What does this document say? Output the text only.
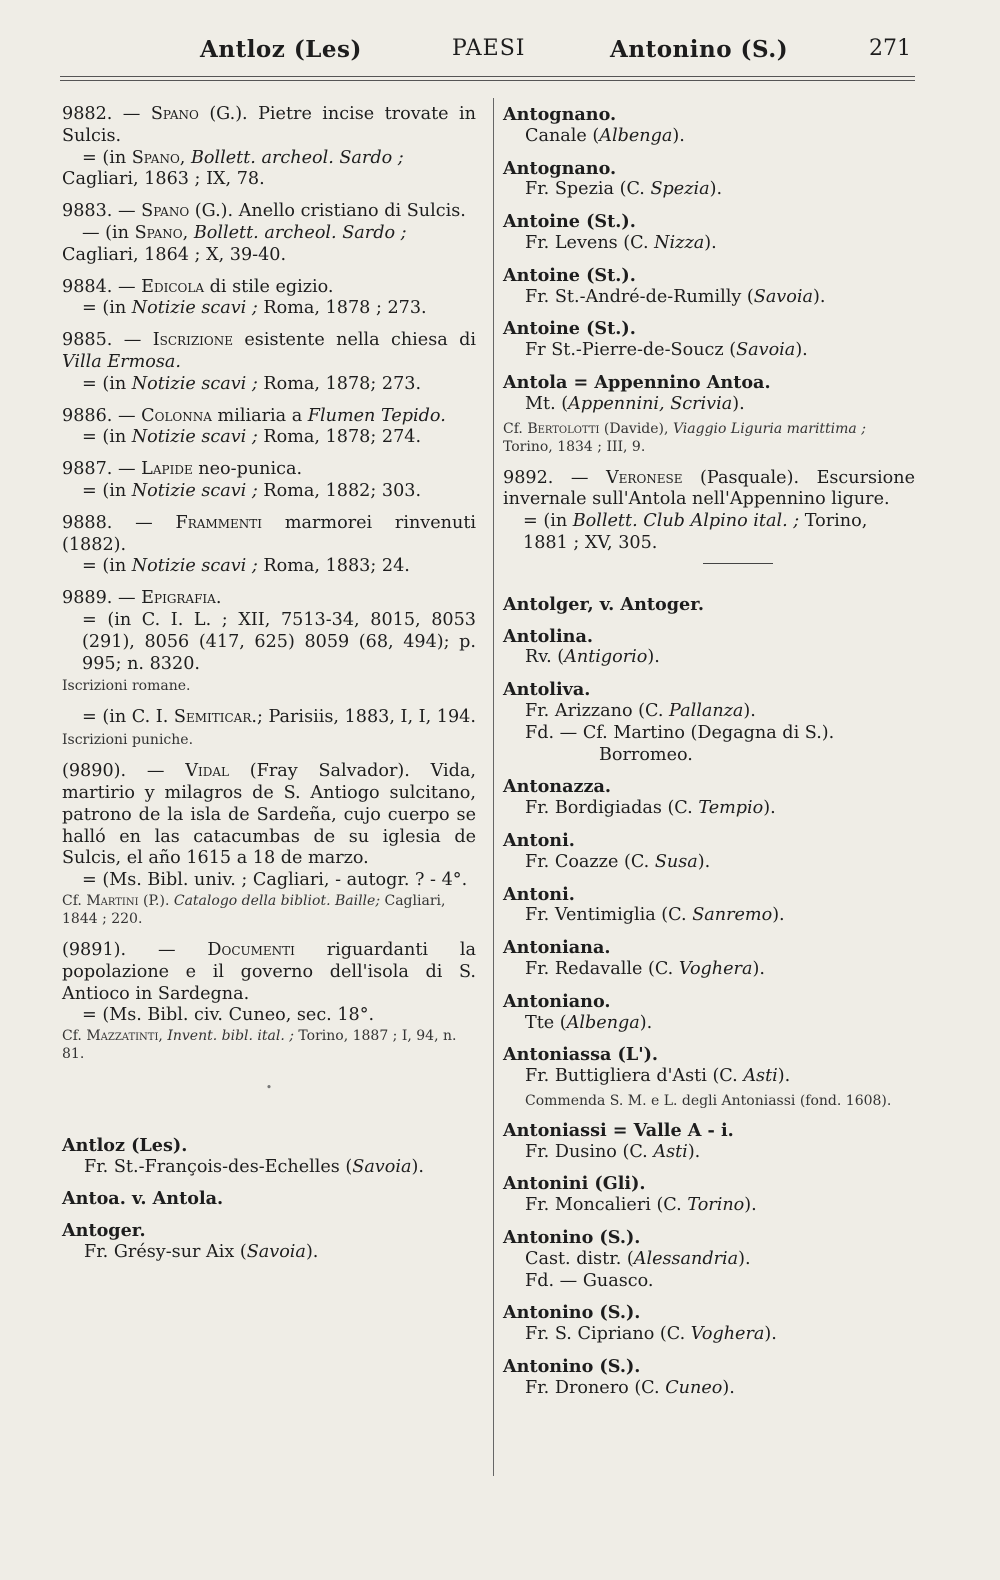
Antloz (Les)	PAESI	Antonino (S.)	271
9882. — Spano (G.). Pietre incise trovate in Sulcis.
= (in Spano, Bollett. archeol. Sardo ;
Cagliari, 1863 ; IX, 78.
9883. — Spano (G.). Anello cristiano di Sulcis.
— (in Spano, Bollett. archeol. Sardo ;
Cagliari, 1864 ; X, 39-40.
9884. — Edicola di stile egizio.
= (in Notizie scavi ; Roma, 1878 ; 273.
9885. — Iscrizione esistente nella chiesa di Villa Ermosa.
= (in Notizie scavi ; Roma, 1878; 273.
9886. — Colonna miliaria a Flumen Tepido.
= (in Notizie scavi ; Roma, 1878; 274.
9887. — Lapide neo-punica.
= (in Notizie scavi ; Roma, 1882; 303.
9888. — Frammenti marmorei rinvenuti (1882).
= (in Notizie scavi ; Roma, 1883; 24.
9889. — Epigrafia.
= (in C. I. L. ; XII, 7513-34, 8015, 8053 (291), 8056 (417, 625) 8059 (68, 494); p. 995; n. 8320.
Iscrizioni romane.
= (in C. I. Semiticar.; Parisiis, 1883, I, I, 194.
Iscrizioni puniche.
(9890). — Vidal (Fray Salvador). Vida, martirio y milagros de S. Antiogo sulcitano, patrono de la isla de Sardeña, cujo cuerpo se halló en las catacumbas de su iglesia de Sulcis, el año 1615 a 18 de marzo.
= (Ms. Bibl. univ. ; Cagliari, - autogr. ? - 4°.
Cf. Martini (P.). Catalogo della bibliot. Baille; Cagliari, 1844 ; 220.
(9891). — Documenti riguardanti la popolazione e il governo dell'isola di S. Antioco in Sardegna.
= (Ms. Bibl. civ. Cuneo, sec. 18°.
Cf. Mazzatinti, Invent. bibl. ital. ; Torino, 1887 ; I, 94, n. 81.
•
Antloz (Les).
Fr. St.-François-des-Echelles (Savoia).
Antoa. v. Antola.
Antoger.
Fr. Grésy-sur Aix (Savoia).
Antognano.
Canale (Albenga).
Antognano.
Fr. Spezia (C. Spezia).
Antoine (St.).
Fr. Levens (C. Nizza).
Antoine (St.).
Fr. St.-André-de-Rumilly (Savoia).
Antoine (St.).
Fr St.-Pierre-de-Soucz (Savoia).
Antola = Appennino Antoa.
Mt. (Appennini, Scrivia).
Cf. Bertolotti (Davide), Viaggio Liguria marittima ; Torino, 1834 ; III, 9.
9892. — Veronese (Pasquale). Escursione invernale sull'Antola nell'Appennino ligure.
= (in Bollett. Club Alpino ital. ; Torino, 1881 ; XV, 305.
Antolger, v. Antoger.
Antolina.
Rv. (Antigorio).
Antoliva.
Fr. Arizzano (C. Pallanza).
Fd. — Cf. Martino (Degagna di S.).
Borromeo.
Antonazza.
Fr. Bordigiadas (C. Tempio).
Antoni.
Fr. Coazze (C. Susa).
Antoni.
Fr. Ventimiglia (C. Sanremo).
Antoniana.
Fr. Redavalle (C. Voghera).
Antoniano.
Tte (Albenga).
Antoniassa (L').
Fr. Buttigliera d'Asti (C. Asti).
Commenda S. M. e L. degli Antoniassi (fond. 1608).
Antoniassi = Valle A - i.
Fr. Dusino (C. Asti).
Antonini (Gli).
Fr. Moncalieri (C. Torino).
Antonino (S.).
Cast. distr. (Alessandria).
Fd. — Guasco.
Antonino (S.).
Fr. S. Cipriano (C. Voghera).
Antonino (S.).
Fr. Dronero (C. Cuneo).
